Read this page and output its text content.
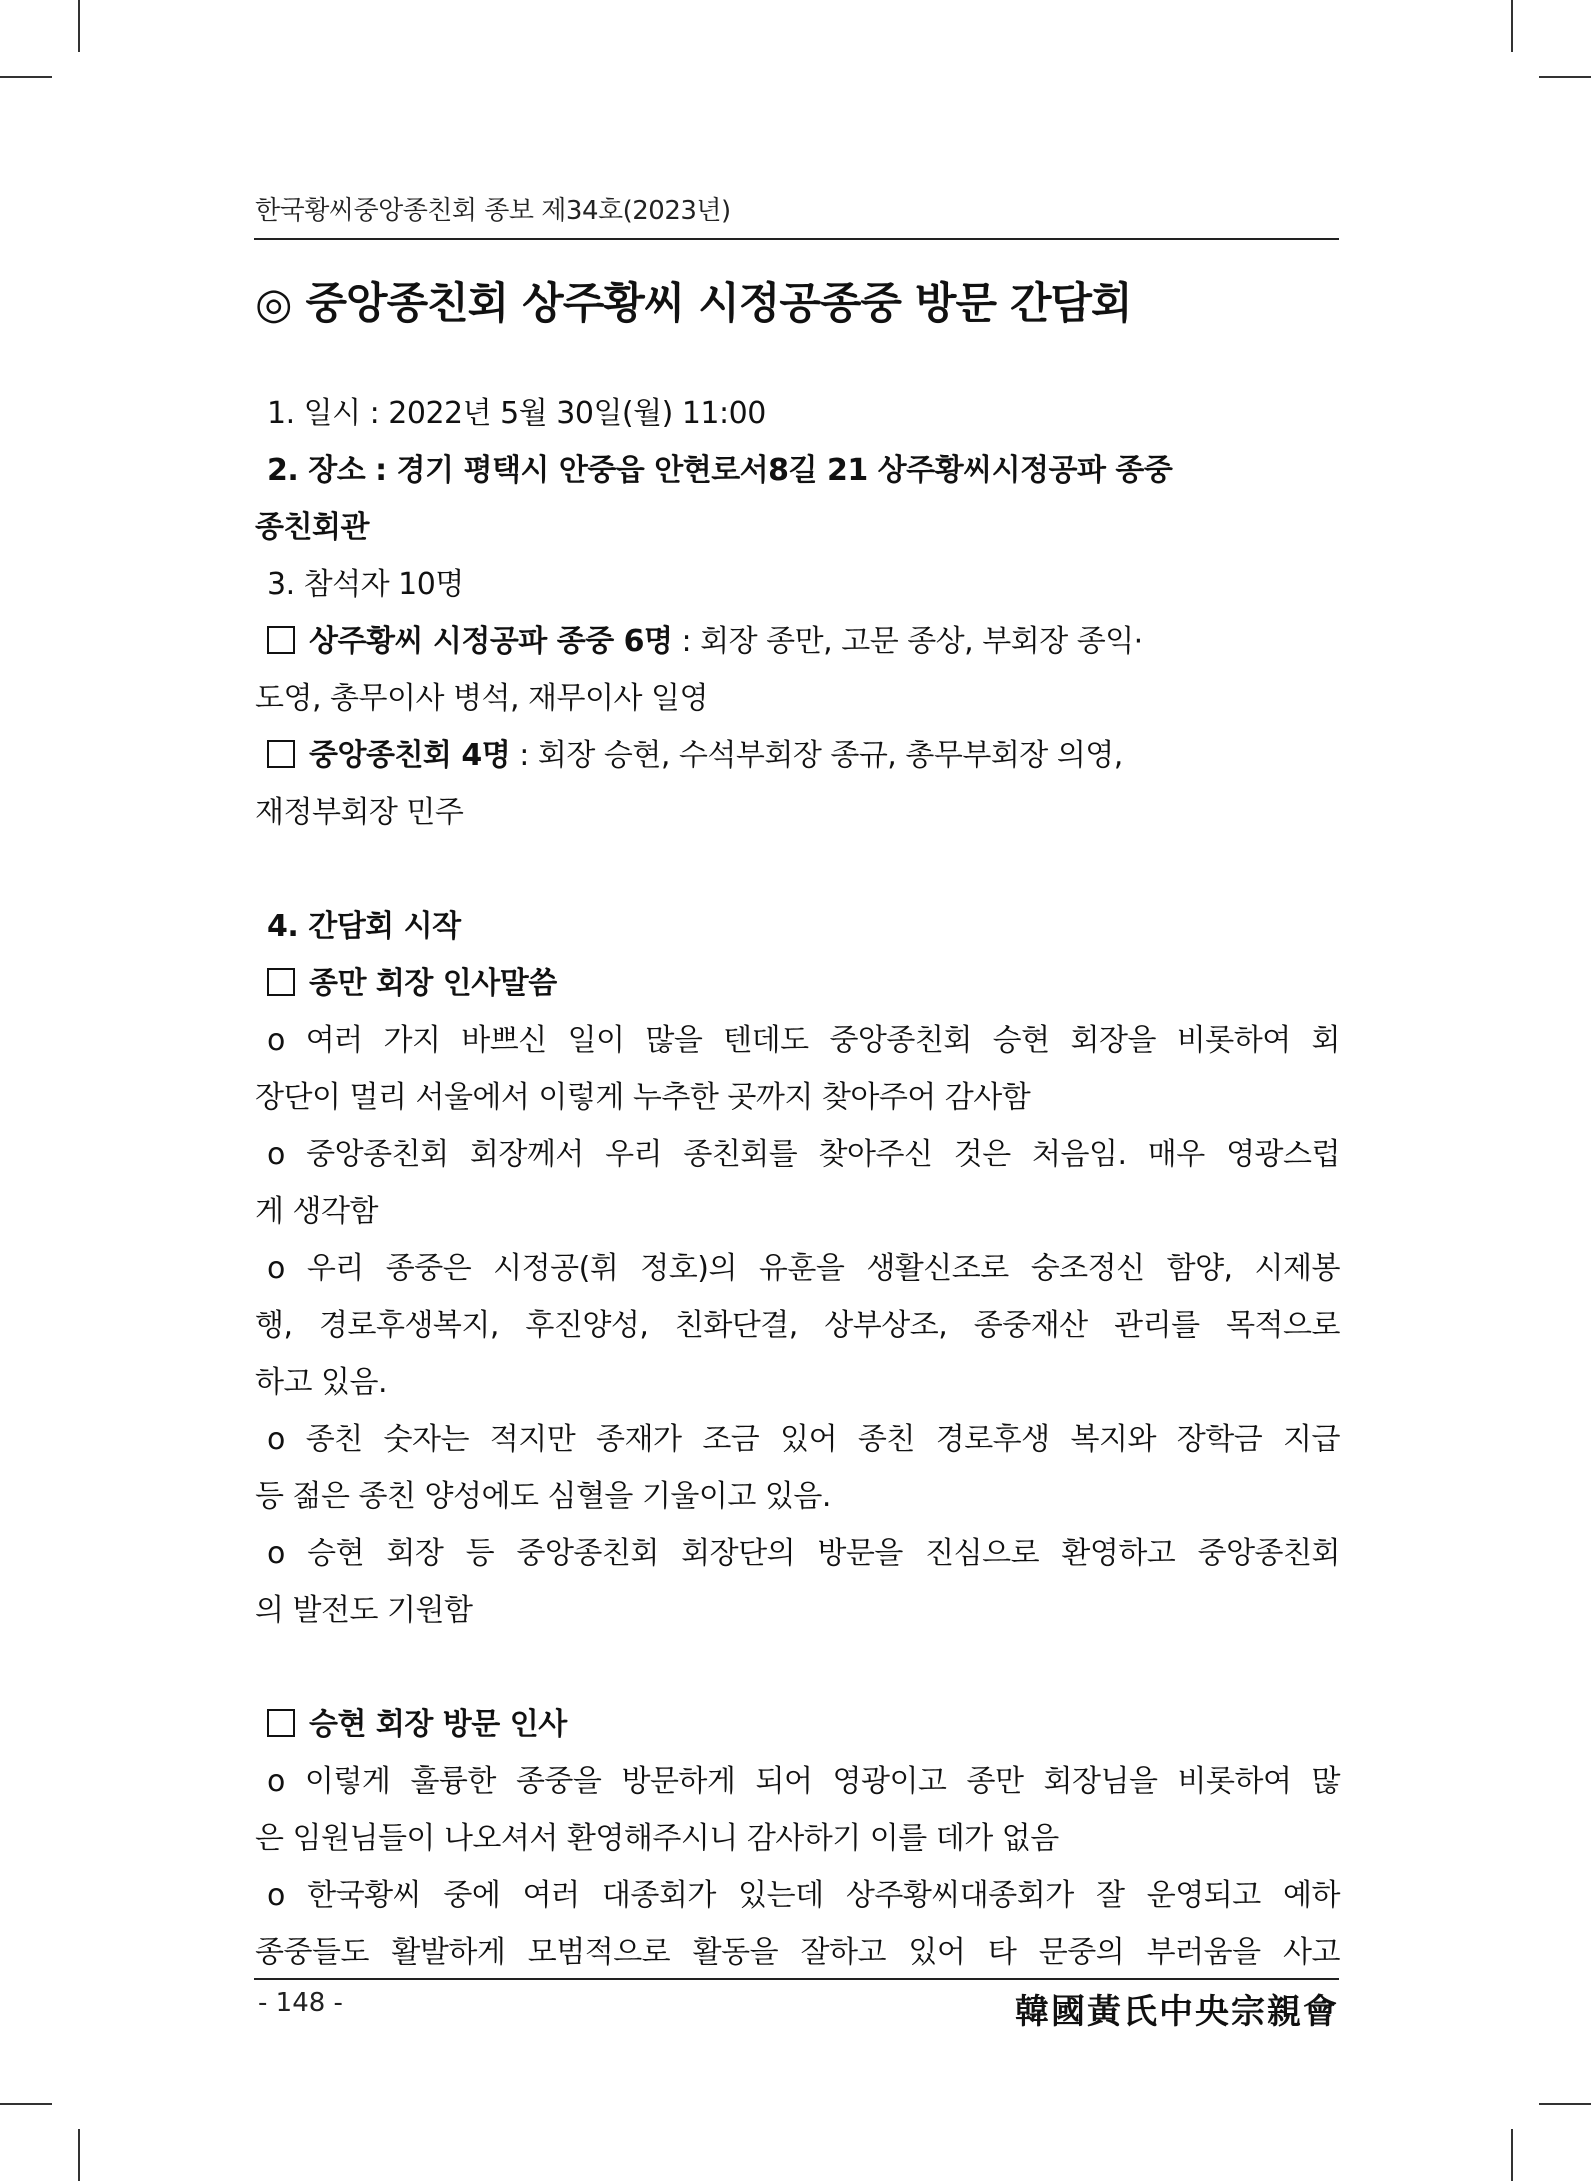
한국황씨중앙종친회 종보 제34호(2023년)
◎ 중앙종친회 상주황씨 시정공종중 방문 간담회
1. 일시 : 2022년 5월 30일(월) 11:00
2. 장소 : 경기 평택시 안중읍 안현로서8길 21 상주황씨시정공파 종중
종친회관
3. 참석자 10명
상주황씨 시정공파 종중 6명 : 회장 종만, 고문 종상, 부회장 종익·
도영, 총무이사 병석, 재무이사 일영
중앙종친회 4명 : 회장 승현, 수석부회장 종규, 총무부회장 의영,
재정부회장 민주
4. 간담회 시작
종만 회장 인사말씀
o 여러 가지 바쁘신 일이 많을 텐데도 중앙종친회 승현 회장을 비롯하여 회
장단이 멀리 서울에서 이렇게 누추한 곳까지 찾아주어 감사함
o 중앙종친회 회장께서 우리 종친회를 찾아주신 것은 처음임. 매우 영광스럽
게 생각함
o 우리 종중은 시정공(휘 정호)의 유훈을 생활신조로 숭조정신 함양, 시제봉
행, 경로후생복지, 후진양성, 친화단결, 상부상조, 종중재산 관리를 목적으로
하고 있음.
o 종친 숫자는 적지만 종재가 조금 있어 종친 경로후생 복지와 장학금 지급
등 젊은 종친 양성에도 심혈을 기울이고 있음.
o 승현 회장 등 중앙종친회 회장단의 방문을 진심으로 환영하고 중앙종친회
의 발전도 기원함
승현 회장 방문 인사
o 이렇게 훌륭한 종중을 방문하게 되어 영광이고 종만 회장님을 비롯하여 많
은 임원님들이 나오셔서 환영해주시니 감사하기 이를 데가 없음
o 한국황씨 중에 여러 대종회가 있는데 상주황씨대종회가 잘 운영되고 예하
종중들도 활발하게 모범적으로 활동을 잘하고 있어 타 문중의 부러움을 사고
- 148 -	韓國黃氏中央宗親會
